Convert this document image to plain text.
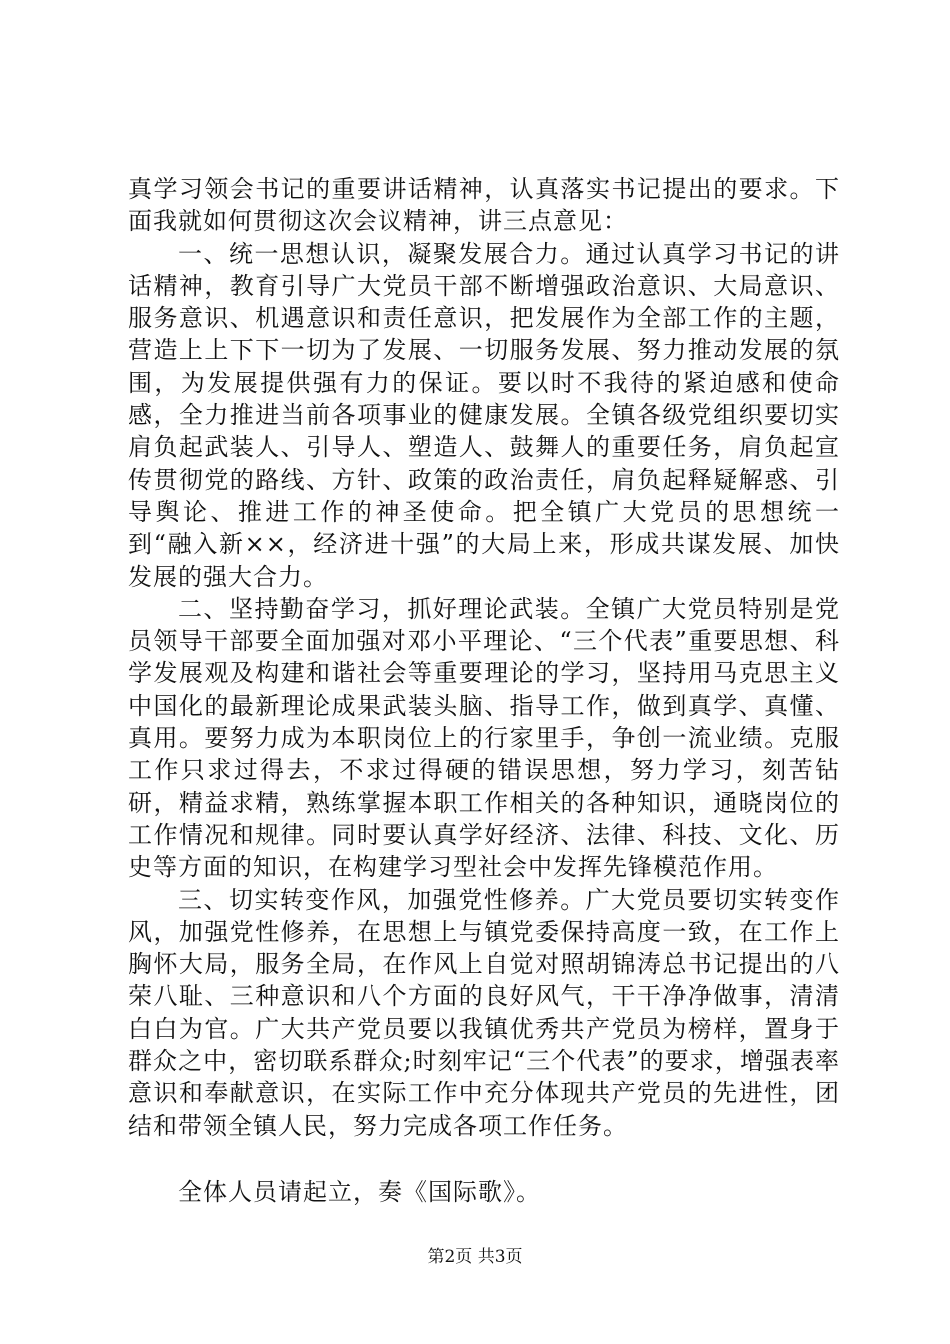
真学习领会书记的重要讲话精神，认真落实书记提出的要求。下面我就如何贯彻这次会议精神，讲三点意见：

一、统一思想认识，凝聚发展合力。通过认真学习书记的讲话精神，教育引导广大党员干部不断增强政治意识、大局意识、服务意识、机遇意识和责任意识，把发展作为全部工作的主题，营造上上下下一切为了发展、一切服务发展、努力推动发展的氛围，为发展提供强有力的保证。要以时不我待的紧迫感和使命感，全力推进当前各项事业的健康发展。全镇各级党组织要切实肩负起武装人、引导人、塑造人、鼓舞人的重要任务，肩负起宣传贯彻党的路线、方针、政策的政治责任，肩负起释疑解惑、引导舆论、推进工作的神圣使命。把全镇广大党员的思想统一到“融入新××，经济进十强”的大局上来，形成共谋发展、加快发展的强大合力。

二、坚持勤奋学习，抓好理论武装。全镇广大党员特别是党员领导干部要全面加强对邓小平理论、“三个代表”重要思想、科学发展观及构建和谐社会等重要理论的学习，坚持用马克思主义中国化的最新理论成果武装头脑、指导工作，做到真学、真懂、真用。要努力成为本职岗位上的行家里手，争创一流业绩。克服工作只求过得去，不求过得硬的错误思想，努力学习，刻苦钻研，精益求精，熟练掌握本职工作相关的各种知识，通晓岗位的工作情况和规律。同时要认真学好经济、法律、科技、文化、历史等方面的知识，在构建学习型社会中发挥先锋模范作用。

三、切实转变作风，加强党性修养。广大党员要切实转变作风，加强党性修养，在思想上与镇党委保持高度一致，在工作上胸怀大局，服务全局，在作风上自觉对照胡锦涛总书记提出的八荣八耻、三种意识和八个方面的良好风气，干干净净做事，清清白白为官。广大共产党员要以我镇优秀共产党员为榜样，置身于群众之中，密切联系群众;时刻牢记“三个代表”的要求，增强表率意识和奉献意识，在实际工作中充分体现共产党员的先进性，团结和带领全镇人民，努力完成各项工作任务。

全体人员请起立，奏《国际歌》。

第2页 共3页
